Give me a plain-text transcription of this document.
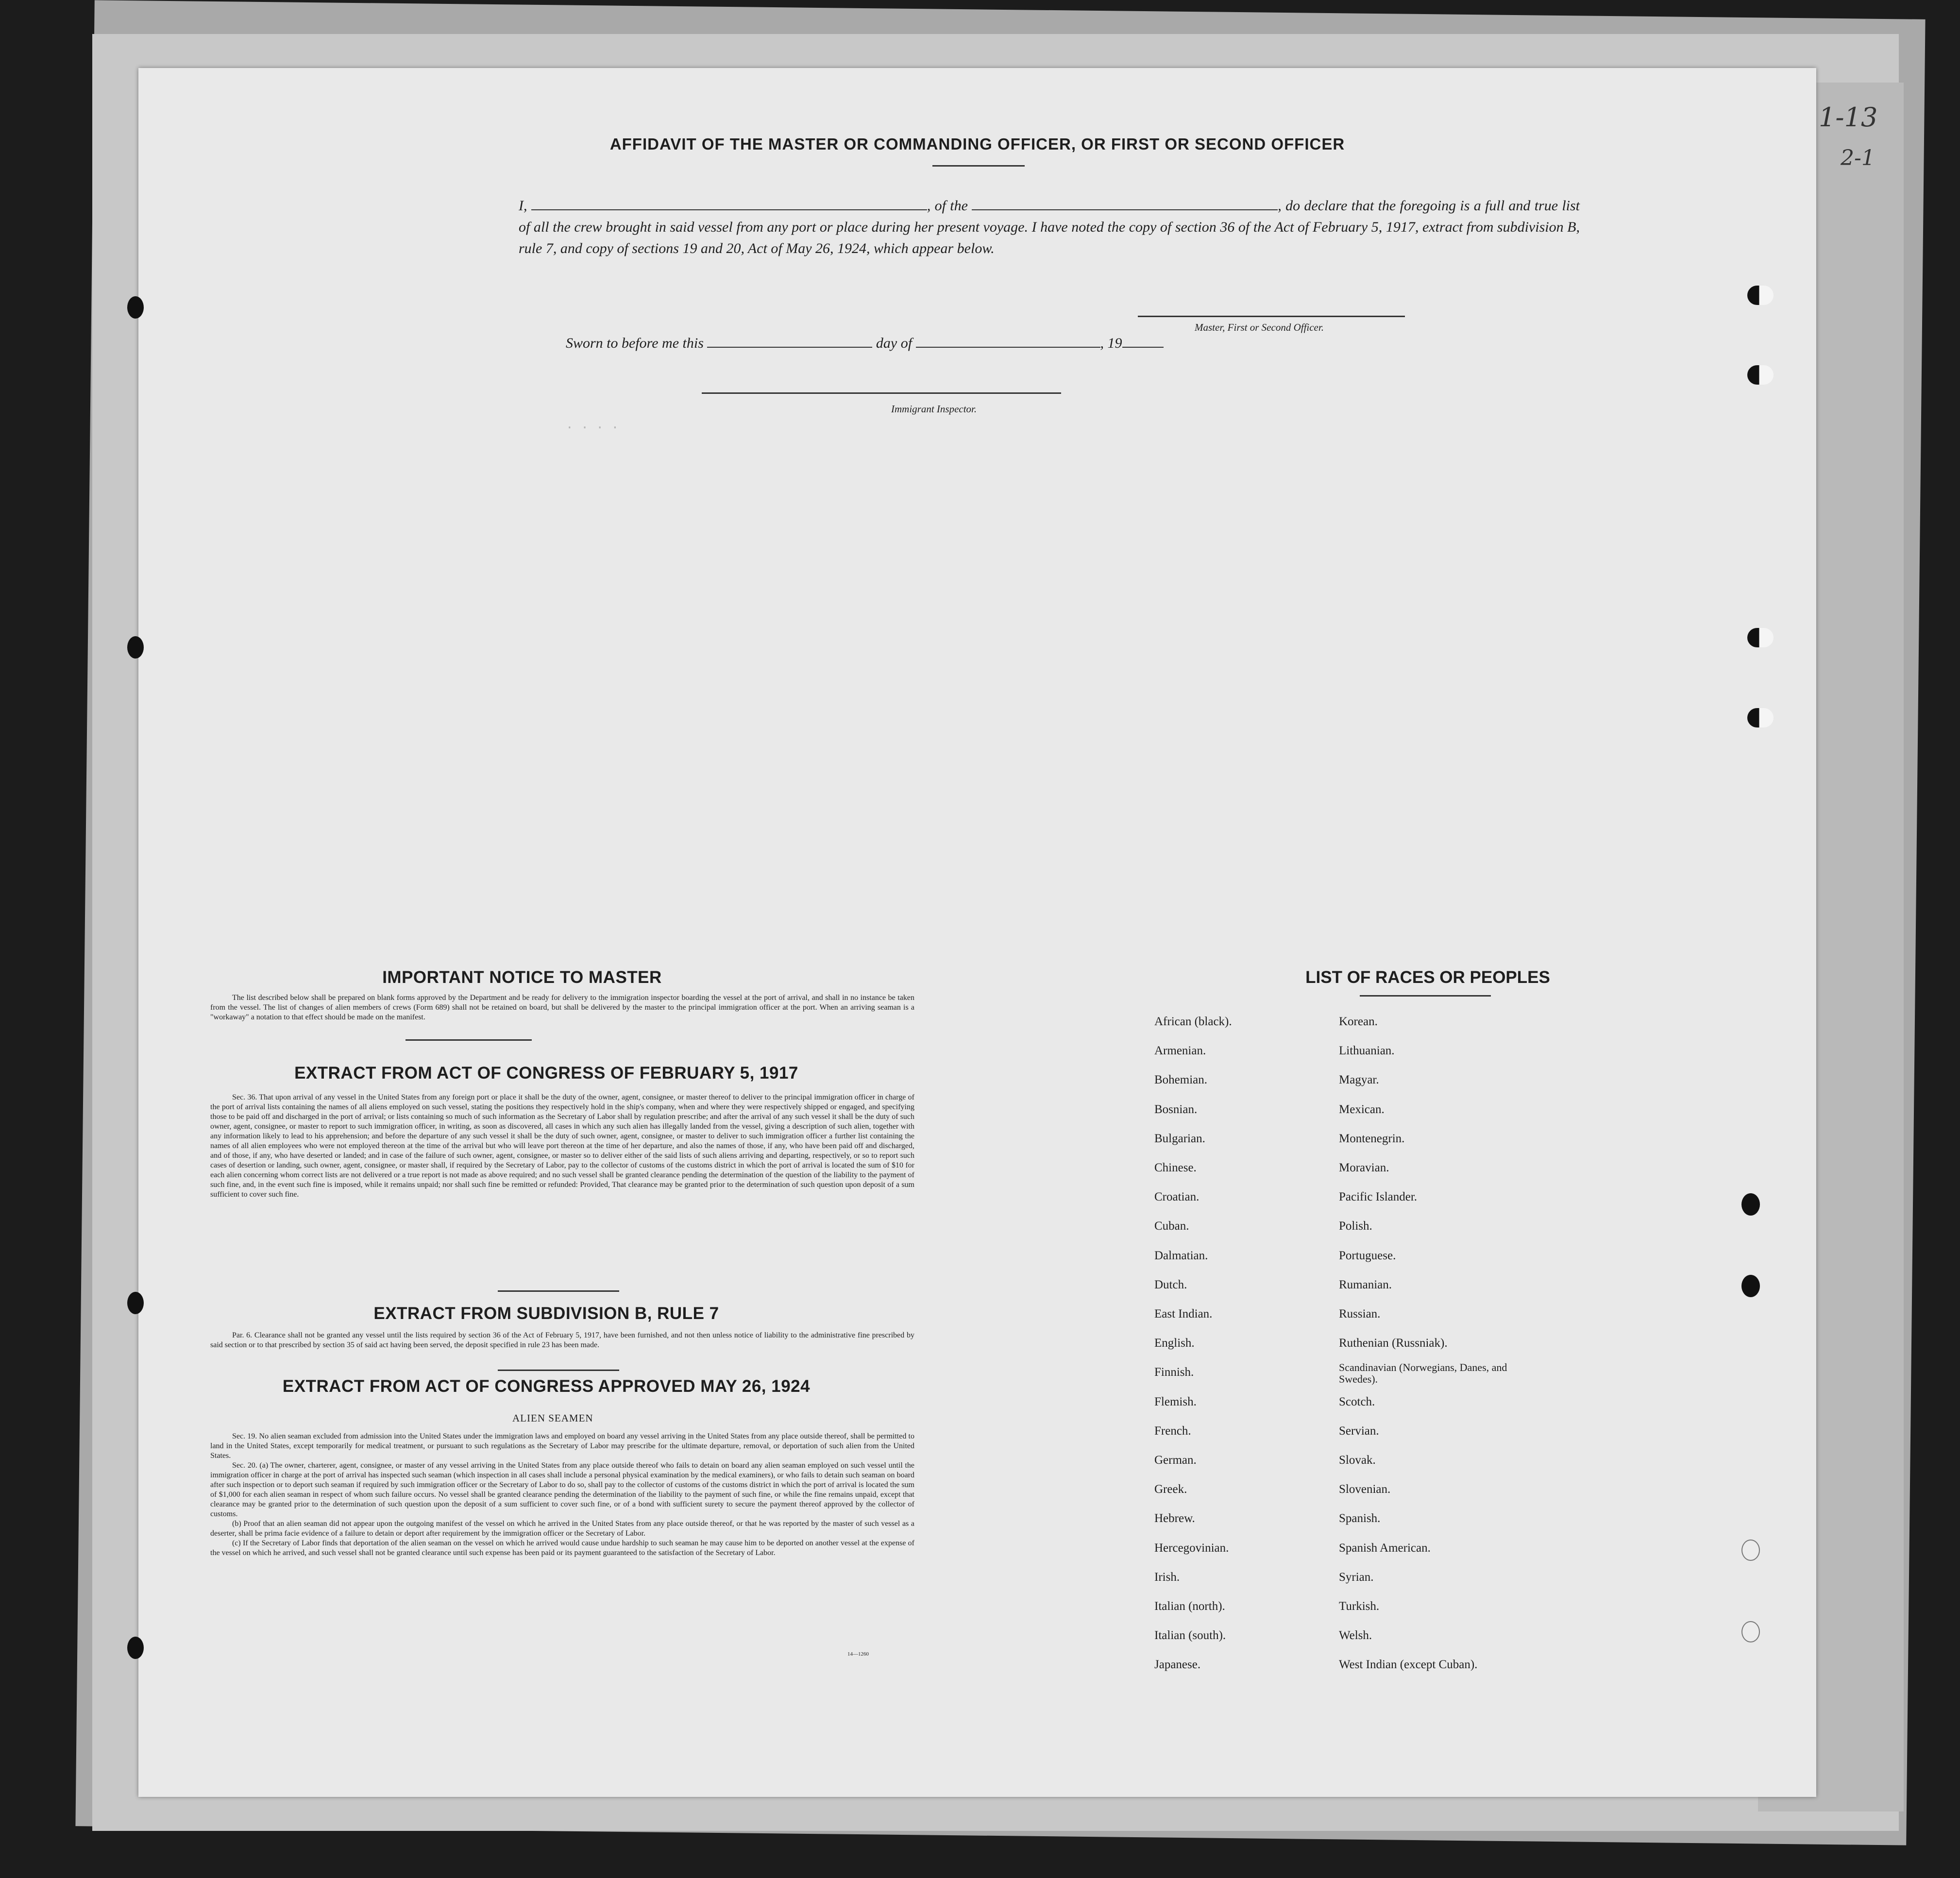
1-13
2-1
AFFIDAVIT OF THE MASTER OR COMMANDING OFFICER, OR FIRST OR SECOND OFFICER
I,	, of the	, do declare that the foregoing is a full and true list of all the crew brought in said vessel from any port or place during her present voyage. I have noted the copy of section 36 of the Act of February 5, 1917, extract from subdivision B, rule 7, and copy of sections 19 and 20, Act of May 26, 1924, which appear below.
Master, First or Second Officer.
Sworn to before me this	day of	, 19
Immigrant Inspector.
. . . .
IMPORTANT NOTICE TO MASTER
The list described below shall be prepared on blank forms approved by the Department and be ready for delivery to the immigration inspector boarding the vessel at the port of arrival, and shall in no instance be taken from the vessel. The list of changes of alien members of crews (Form 689) shall not be retained on board, but shall be delivered by the master to the principal immigration officer at the port. When an arriving seaman is a "workaway" a notation to that effect should be made on the manifest.
EXTRACT FROM ACT OF CONGRESS OF FEBRUARY 5, 1917
Sec. 36. That upon arrival of any vessel in the United States from any foreign port or place it shall be the duty of the owner, agent, consignee, or master thereof to deliver to the principal immigration officer in charge of the port of arrival lists containing the names of all aliens employed on such vessel, stating the positions they respectively hold in the ship's company, when and where they were respectively shipped or engaged, and specifying those to be paid off and discharged in the port of arrival; or lists containing so much of such information as the Secretary of Labor shall by regulation prescribe; and after the arrival of any such vessel it shall be the duty of such owner, agent, consignee, or master to report to such immigration officer, in writing, as soon as discovered, all cases in which any such alien has illegally landed from the vessel, giving a description of such alien, together with any information likely to lead to his apprehension; and before the departure of any such vessel it shall be the duty of such owner, agent, consignee, or master to deliver to such immigration officer a further list containing the names of all alien employees who were not employed thereon at the time of the arrival but who will leave port thereon at the time of her departure, and also the names of those, if any, who have been paid off and discharged, and of those, if any, who have deserted or landed; and in case of the failure of such owner, agent, consignee, or master so to deliver either of the said lists of such aliens arriving and departing, respectively, or so to report such cases of desertion or landing, such owner, agent, consignee, or master shall, if required by the Secretary of Labor, pay to the collector of customs of the customs district in which the port of arrival is located the sum of $10 for each alien concerning whom correct lists are not delivered or a true report is not made as above required; and no such vessel shall be granted clearance pending the determination of the question of the liability to the payment of such fine, and, in the event such fine is imposed, while it remains unpaid; nor shall such fine be remitted or refunded: Provided, That clearance may be granted prior to the determination of such question upon deposit of a sum sufficient to cover such fine.
EXTRACT FROM SUBDIVISION B, RULE 7
Par. 6. Clearance shall not be granted any vessel until the lists required by section 36 of the Act of February 5, 1917, have been furnished, and not then unless notice of liability to the administrative fine prescribed by said section or to that prescribed by section 35 of said act having been served, the deposit specified in rule 23 has been made.
EXTRACT FROM ACT OF CONGRESS APPROVED MAY 26, 1924
ALIEN SEAMEN

Sec. 19. No alien seaman excluded from admission into the United States under the immigration laws and employed on board any vessel arriving in the United States from any place outside thereof, shall be permitted to land in the United States, except temporarily for medical treatment, or pursuant to such regulations as the Secretary of Labor may prescribe for the ultimate departure, removal, or deportation of such alien from the United States.

Sec. 20. (a) The owner, charterer, agent, consignee, or master of any vessel arriving in the United States from any place outside thereof who fails to detain on board any alien seaman employed on such vessel until the immigration officer in charge at the port of arrival has inspected such seaman (which inspection in all cases shall include a personal physical examination by the medical examiners), or who fails to detain such seaman on board after such inspection or to deport such seaman if required by such immigration officer or the Secretary of Labor to do so, shall pay to the collector of customs of the customs district in which the port of arrival is located the sum of $1,000 for each alien seaman in respect of whom such failure occurs. No vessel shall be granted clearance pending the determination of the liability to the payment of such fine, or while the fine remains unpaid, except that clearance may be granted prior to the determination of such question upon the deposit of a sum sufficient to cover such fine, or of a bond with sufficient surety to secure the payment thereof approved by the collector of customs.

(b) Proof that an alien seaman did not appear upon the outgoing manifest of the vessel on which he arrived in the United States from any place outside thereof, or that he was reported by the master of such vessel as a deserter, shall be prima facie evidence of a failure to detain or deport after requirement by the immigration officer or the Secretary of Labor.

(c) If the Secretary of Labor finds that deportation of the alien seaman on the vessel on which he arrived would cause undue hardship to such seaman he may cause him to be deported on another vessel at the expense of the vessel on which he arrived, and such vessel shall not be granted clearance until such expense has been paid or its payment guaranteed to the satisfaction of the Secretary of Labor.

14—1260
LIST OF RACES OR PEOPLES
African (black).
Armenian.
Bohemian.
Bosnian.
Bulgarian.
Chinese.
Croatian.
Cuban.
Dalmatian.
Dutch.
East Indian.
English.
Finnish.
Flemish.
French.
German.
Greek.
Hebrew.
Hercegovinian.
Irish.
Italian (north).
Italian (south).
Japanese.
Korean.
Lithuanian.
Magyar.
Mexican.
Montenegrin.
Moravian.
Pacific Islander.
Polish.
Portuguese.
Rumanian.
Russian.
Ruthenian (Russniak).
Scandinavian (Norwegians, Danes, and Swedes).
Scotch.
Servian.
Slovak.
Slovenian.
Spanish.
Spanish American.
Syrian.
Turkish.
Welsh.
West Indian (except Cuban).
